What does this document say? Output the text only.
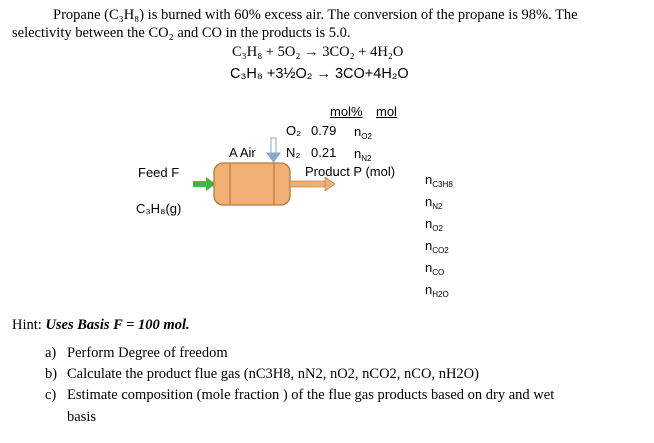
Propane (C₃H₈) is burned with 60% excess air. The conversion of the propane is 98%. The
selectivity between the CO₂ and CO in the products is 5.0.
C₃H₈ + 5O₂ → 3CO₂ + 4H₂O
C₃H₈ +3½O₂ → 3CO+4H₂O
mol% mol
O₂ 0.79 $n_{O2}$
A Air N₂ 0.21 $n_{N2}$
Feed F
C₃H₈(g)
Product P (mol)
$n_{C3H8}$
$n_{N2}$
$n_{O2}$
$n_{CO2}$
$n_{CO}$
$n_{H2O}$
Hint: Uses Basis F = 100 mol.
a) Perform Degree of freedom
b) Calculate the product flue gas (nC3H8, nN2, nO2, nCO2, nCO, nH2O)
c) Estimate composition (mole fraction ) of the flue gas products based on dry and wet
basis
